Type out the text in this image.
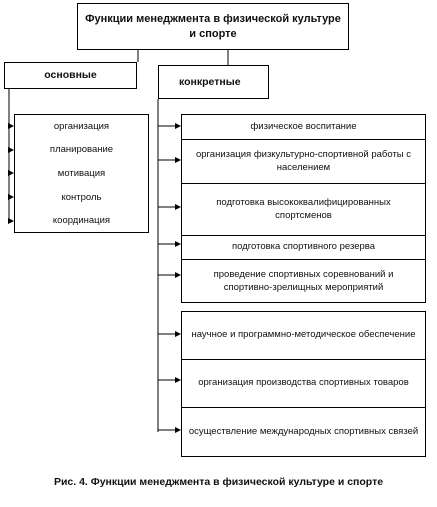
Функции менеджмента в физической культуре и спорте
основные
конкретные
организация
планирование
мотивация
контроль
координация
физическое воспитание
организация физкультурно-спортивной работы с населением
подготовка высококвалифицированных спортсменов
подготовка спортивного резерва
проведение спортивных соревнований и спортивно-зрелищных мероприятий
научное и программно-методическое обеспечение
организация производства спортивных товаров
осуществление международных спортивных связей
Рис. 4. Функции менеджмента в физической культуре и спорте
